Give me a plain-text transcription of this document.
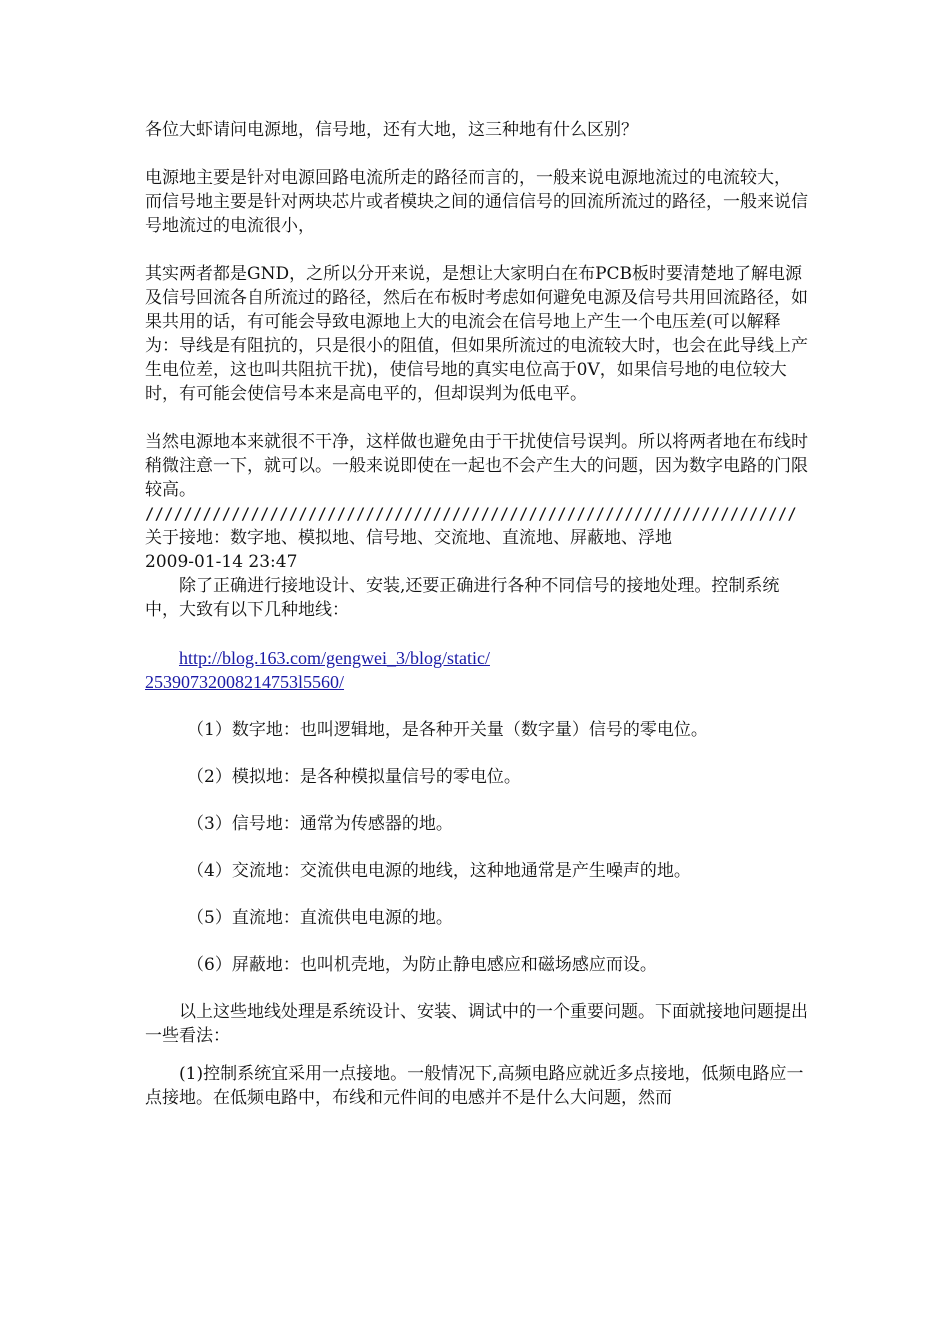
各位大虾请问电源地，信号地，还有大地，这三种地有什么区别？

电源地主要是针对电源回路电流所走的路径而言的，一般来说电源地流过的电流较大，

而信号地主要是针对两块芯片或者模块之间的通信信号的回流所流过的路径，一般来说信号地流过的电流很小，

其实两者都是GND，之所以分开来说，是想让大家明白在布PCB板时要清楚地了解电源及信号回流各自所流过的路径，然后在布板时考虑如何避免电源及信号共用回流路径，如果共用的话，有可能会导致电源地上大的电流会在信号地上产生一个电压差(可以解释为：导线是有阻抗的，只是很小的阻值，但如果所流过的电流较大时，也会在此导线上产生电位差，这也叫共阻抗干扰)，使信号地的真实电位高于0V，如果信号地的电位较大时，有可能会使信号本来是高电平的，但却误判为低电平。

当然电源地本来就很不干净，这样做也避免由于干扰使信号误判。所以将两者地在布线时稍微注意一下，就可以。一般来说即使在一起也不会产生大的问题，因为数字电路的门限较高。

////////////////////////////////////////////////////////////////////

关于接地：数字地、模拟地、信号地、交流地、直流地、屏蔽地、浮地

2009-01-14 23:47

除了正确进行接地设计、安装,还要正确进行各种不同信号的接地处理。控制系统中，大致有以下几种地线：

http://blog.163.com/gengwei_3/blog/static/
25390732008214753l5560/

（1）数字地：也叫逻辑地，是各种开关量（数字量）信号的零电位。

（2）模拟地：是各种模拟量信号的零电位。

（3）信号地：通常为传感器的地。

（4）交流地：交流供电电源的地线，这种地通常是产生噪声的地。

（5）直流地：直流供电电源的地。

（6）屏蔽地：也叫机壳地，为防止静电感应和磁场感应而设。

以上这些地线处理是系统设计、安装、调试中的一个重要问题。下面就接地问题提出一些看法：

(1)控制系统宜采用一点接地。一般情况下,高频电路应就近多点接地，低频电路应一点接地。在低频电路中，布线和元件间的电感并不是什么大问题，然而
